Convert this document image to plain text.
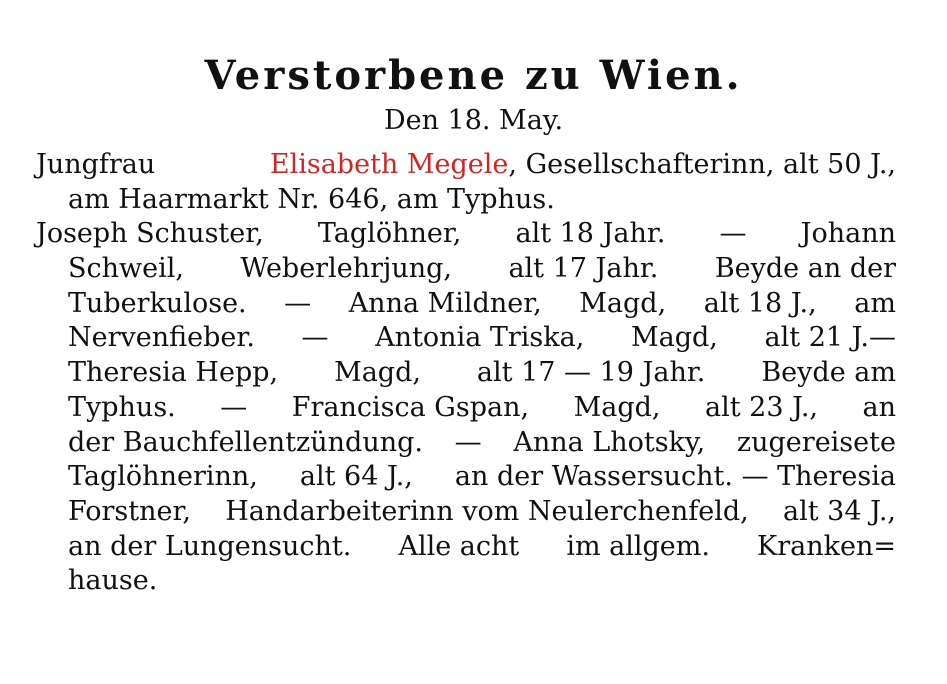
Verstorbene zu Wien.
Den 18. May.
Jungfrau	Elisabeth Megele, Gesellschafterinn, alt 50 J.,
am Haarmarkt Nr. 646, am Typhus.
Joseph Schuster, Taglöhner, alt 18 Jahr. — Johann
Schweil, Weberlehrjung, alt 17 Jahr. Beyde an der
Tuberkulose. — Anna Mildner, Magd, alt 18 J., am
Nervenfieber. — Antonia Triska, Magd, alt 21 J.—
Theresia Hepp, Magd, alt 17 — 19 Jahr. Beyde am
Typhus. — Francisca Gspan, Magd, alt 23 J., an
der Bauchfellentzündung. — Anna Lhotsky, zugereisete
Taglöhnerinn, alt 64 J., an der Wassersucht. — Theresia
Forstner, Handarbeiterinn vom Neulerchenfeld, alt 34 J.,
an der Lungensucht. Alle acht im allgem. Kranken=
hause.
